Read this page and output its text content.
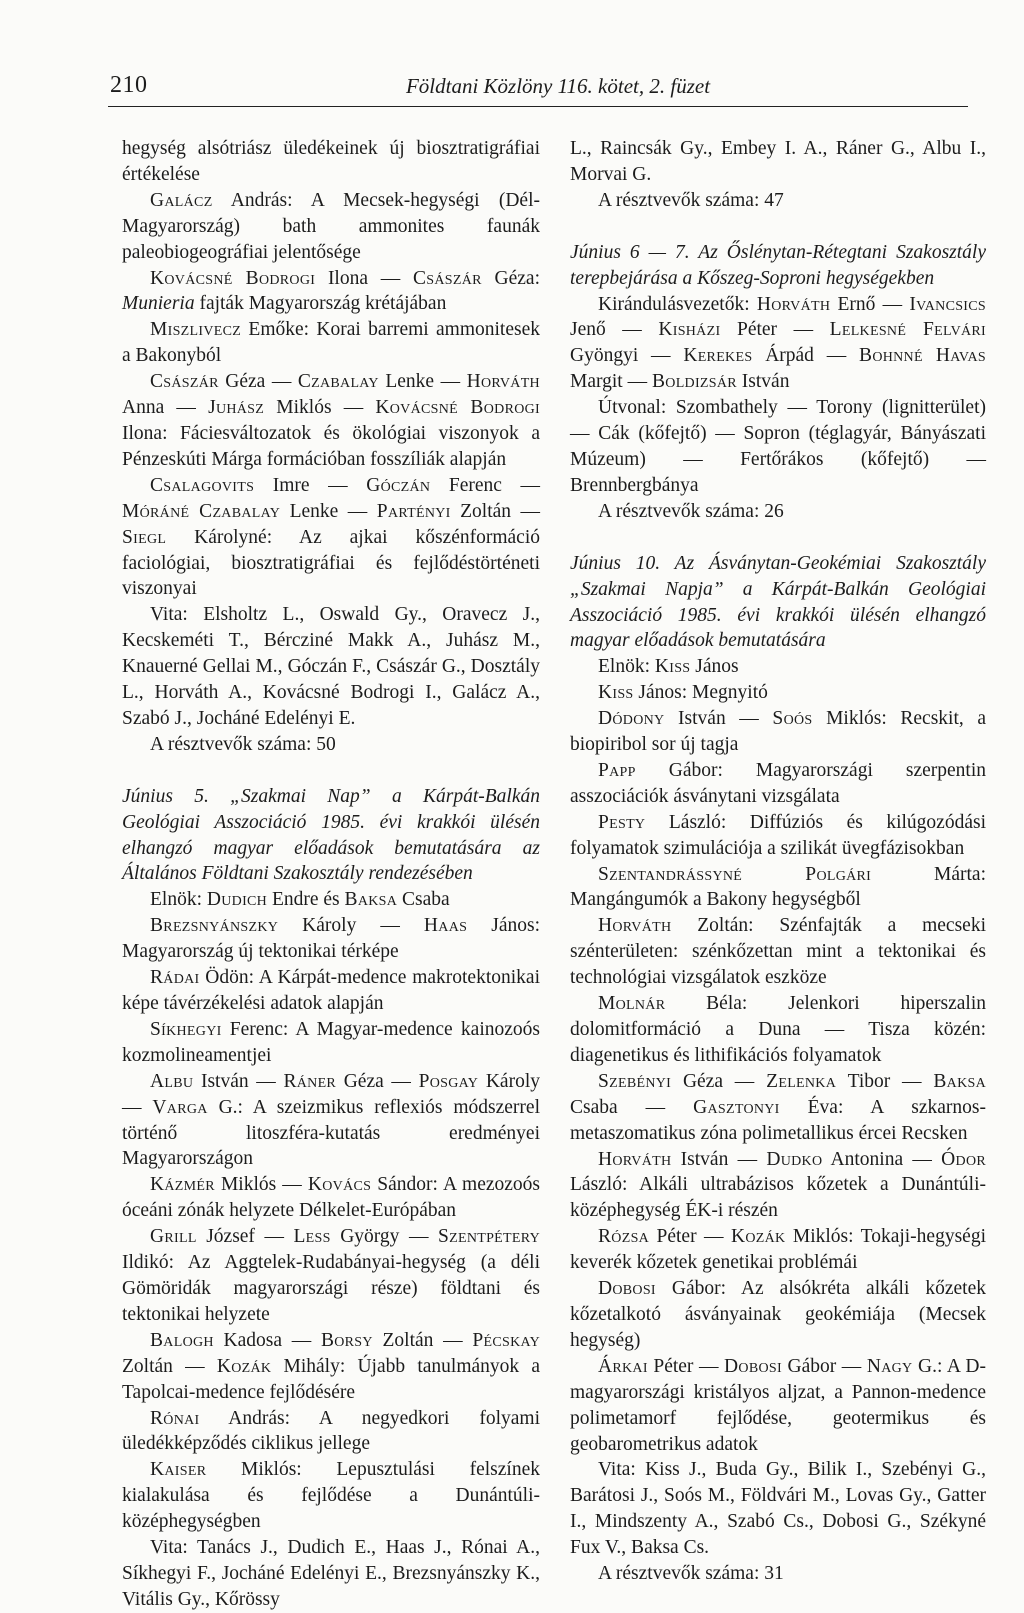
210	Földtani Közlöny 116. kötet, 2. füzet

hegység alsótriász üledékeinek új biosztratigráfiai értékelése

Galácz András: A Mecsek-hegységi (Dél-Magyarország) bath ammonites faunák paleobiogeográfiai jelentősége

Kovácsné Bodrogi Ilona — Császár Géza: Munieria fajták Magyarország krétájában

Miszlivecz Emőke: Korai barremi ammonitesek a Bakonyból

Császár Géza — Czabalay Lenke — Horváth Anna — Juhász Miklós — Kovácsné Bodrogi Ilona: Fáciesváltozatok és ökológiai viszonyok a Pénzeskúti Márga formációban fosszíliák alapján

Csalagovits Imre — Góczán Ferenc — Móráné Czabalay Lenke — Partényi Zoltán — Siegl Károlyné: Az ajkai kőszénformáció faciológiai, biosztratigráfiai és fejlődéstörténeti viszonyai

Vita: Elsholtz L., Oswald Gy., Oravecz J., Kecskeméti T., Bércziné Makk A., Juhász M., Knauerné Gellai M., Góczán F., Császár G., Dosztály L., Horváth A., Kovácsné Bodrogi I., Galácz A., Szabó J., Jocháné Edelényi E.

A résztvevők száma: 50

Június 5. „Szakmai Nap” a Kárpát-Balkán Geológiai Asszociáció 1985. évi krakkói ülésén elhangzó magyar előadások bemutatására az Általános Földtani Szakosztály rendezésében

Elnök: Dudich Endre és Baksa Csaba

Brezsnyánszky Károly — Haas János: Magyarország új tektonikai térképe

Rádai Ödön: A Kárpát-medence makrotektonikai képe távérzékelési adatok alapján

Síkhegyi Ferenc: A Magyar-medence kainozoós kozmolineamentjei

Albu István — Ráner Géza — Posgay Károly — Varga G.: A szeizmikus reflexiós módszerrel történő litoszféra-kutatás eredményei Magyarországon

Kázmér Miklós — Kovács Sándor: A mezozoós óceáni zónák helyzete Délkelet-Európában

Grill József — Less György — Szentpétery Ildikó: Az Aggtelek-Rudabányai-hegység (a déli Gömöridák magyarországi része) földtani és tektonikai helyzete

Balogh Kadosa — Borsy Zoltán — Pécskay Zoltán — Kozák Mihály: Újabb tanulmányok a Tapolcai-medence fejlődésére

Rónai András: A negyedkori folyami üledékképződés ciklikus jellege

Kaiser Miklós: Lepusztulási felszínek kialakulása és fejlődése a Dunántúli-középhegységben

Vita: Tanács J., Dudich E., Haas J., Rónai A., Síkhegyi F., Jocháné Edelényi E., Brezsnyánszky K., Vitális Gy., Kőrössy

L., Raincsák Gy., Embey I. A., Ráner G., Albu I., Morvai G.

A résztvevők száma: 47

Június 6 — 7. Az Őslénytan-Rétegtani Szakosztály terepbejárása a Kőszeg-Soproni hegységekben

Kirándulásvezetők: Horváth Ernő — Ivancsics Jenő — Kisházi Péter — Lelkesné Felvári Gyöngyi — Kerekes Árpád — Bohnné Havas Margit — Boldizsár István

Útvonal: Szombathely — Torony (lignitterület) — Cák (kőfejtő) — Sopron (téglagyár, Bányászati Múzeum) — Fertőrákos (kőfejtő) — Brennbergbánya

A résztvevők száma: 26

Június 10. Az Ásványtan-Geokémiai Szakosztály „Szakmai Napja” a Kárpát-Balkán Geológiai Asszociáció 1985. évi krakkói ülésén elhangzó magyar előadások bemutatására

Elnök: Kiss János

Kiss János: Megnyitó

Dódony István — Soós Miklós: Recskit, a biopiribol sor új tagja

Papp Gábor: Magyarországi szerpentin asszociációk ásványtani vizsgálata

Pesty László: Diffúziós és kilúgozódási folyamatok szimulációja a szilikát üvegfázisokban

Szentandrássyné Polgári Márta: Mangángumók a Bakony hegységből

Horváth Zoltán: Szénfajták a mecseki szénterületen: szénkőzettan mint a tektonikai és technológiai vizsgálatok eszköze

Molnár Béla: Jelenkori hiperszalin dolomitformáció a Duna — Tisza közén: diagenetikus és lithifikációs folyamatok

Szebényi Géza — Zelenka Tibor — Baksa Csaba — Gasztonyi Éva: A szkarnos-metaszomatikus zóna polimetallikus ércei Recsken

Horváth István — Dudko Antonina — Ódor László: Alkáli ultrabázisos kőzetek a Dunántúli-középhegység ÉK-i részén

Rózsa Péter — Kozák Miklós: Tokaji-hegységi keverék kőzetek genetikai problémái

Dobosi Gábor: Az alsókréta alkáli kőzetek kőzetalkotó ásványainak geokémiája (Mecsek hegység)

Árkai Péter — Dobosi Gábor — Nagy G.: A D-magyarországi kristályos aljzat, a Pannon-medence polimetamorf fejlődése, geotermikus és geobarometrikus adatok

Vita: Kiss J., Buda Gy., Bilik I., Szebényi G., Barátosi J., Soós M., Földvári M., Lovas Gy., Gatter I., Mindszenty A., Szabó Cs., Dobosi G., Székyné Fux V., Baksa Cs.

A résztvevők száma: 31
